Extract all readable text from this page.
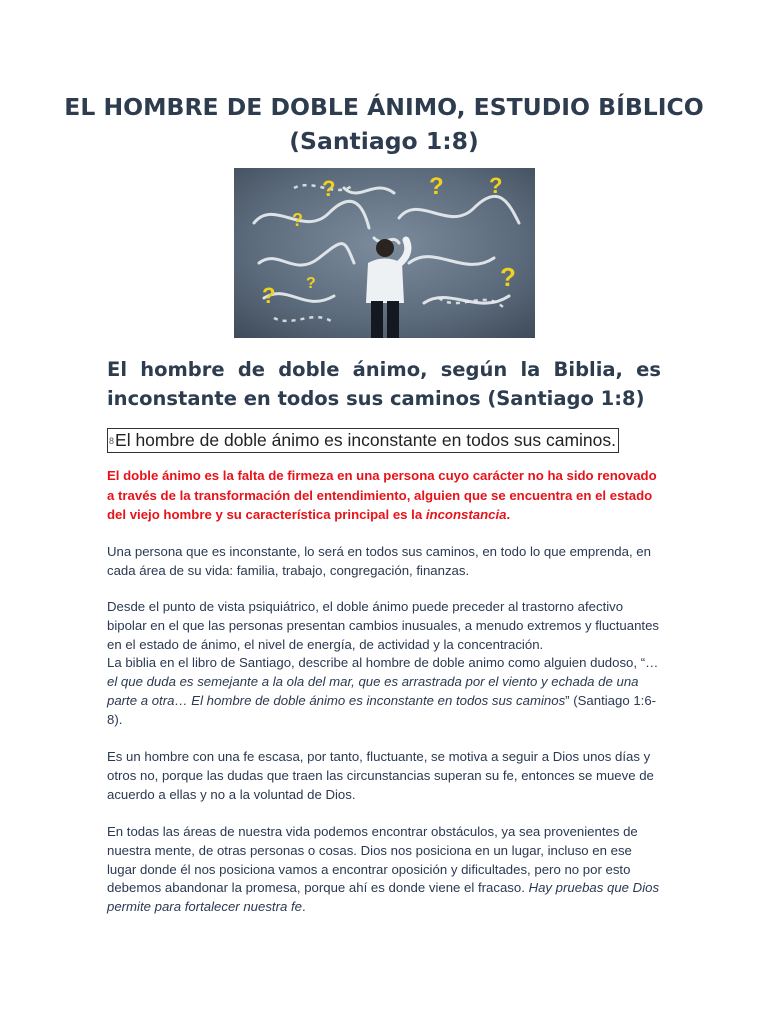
EL HOMBRE DE DOBLE ÁNIMO, ESTUDIO BÍBLICO
(Santiago 1:8)
?	? ?
?
?
?
?
El hombre de doble ánimo, según la Biblia, es inconstante en todos sus caminos (Santiago 1:8)
8El hombre de doble ánimo es inconstante en todos sus caminos.

El doble ánimo es la falta de firmeza en una persona cuyo carácter no ha sido renovado a través de la transformación del entendimiento, alguien que se encuentra en el estado del viejo hombre y su característica principal es la inconstancia.

Una persona que es inconstante, lo será en todos sus caminos, en todo lo que emprenda, en cada área de su vida: familia, trabajo, congregación, finanzas.

Desde el punto de vista psiquiátrico, el doble ánimo puede preceder al trastorno afectivo bipolar en el que las personas presentan cambios inusuales, a menudo extremos y fluctuantes en el estado de ánimo, el nivel de energía, de actividad y la concentración.
La biblia en el libro de Santiago, describe al hombre de doble animo como alguien dudoso, “…el que duda es semejante a la ola del mar, que es arrastrada por el viento y echada de una parte a otra… El hombre de doble ánimo es inconstante en todos sus caminos” (Santiago 1:6-8).

Es un hombre con una fe escasa, por tanto, fluctuante, se motiva a seguir a Dios unos días y otros no, porque las dudas que traen las circunstancias superan su fe, entonces se mueve de acuerdo a ellas y no a la voluntad de Dios.

En todas las áreas de nuestra vida podemos encontrar obstáculos, ya sea provenientes de nuestra mente, de otras personas o cosas. Dios nos posiciona en un lugar, incluso en ese lugar donde él nos posiciona vamos a encontrar oposición y dificultades, pero no por esto debemos abandonar la promesa, porque ahí es donde viene el fracaso. Hay pruebas que Dios permite para fortalecer nuestra fe.
